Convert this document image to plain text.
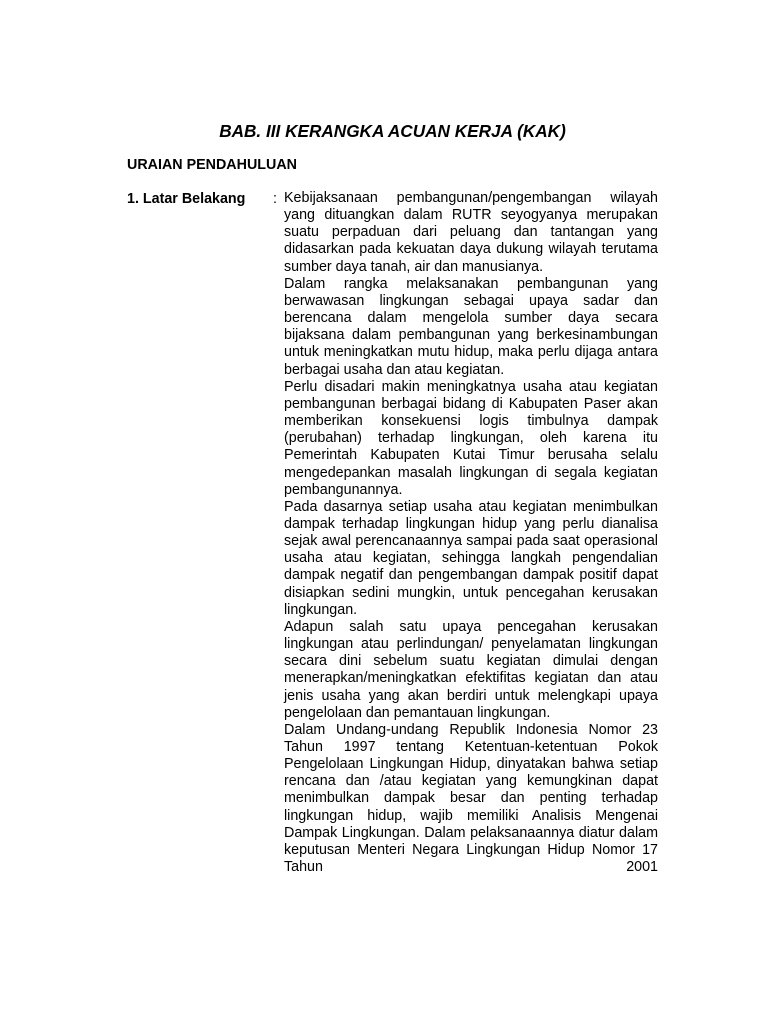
BAB. III KERANGKA ACUAN KERJA (KAK)
URAIAN PENDAHULUAN
1. Latar Belakang : Kebijaksanaan pembangunan/pengembangan wilayah yang dituangkan dalam RUTR seyogyanya merupakan suatu perpaduan dari peluang dan tantangan yang didasarkan pada kekuatan daya dukung wilayah terutama sumber daya tanah, air dan manusianya.

Dalam rangka melaksanakan pembangunan yang berwawasan lingkungan sebagai upaya sadar dan berencana dalam mengelola sumber daya secara bijaksana dalam pembangunan yang berkesinambungan untuk meningkatkan mutu hidup, maka perlu dijaga antara berbagai usaha dan atau kegiatan.

Perlu disadari makin meningkatnya usaha atau kegiatan pembangunan berbagai bidang di Kabupaten Paser akan memberikan konsekuensi logis timbulnya dampak (perubahan) terhadap lingkungan, oleh karena itu Pemerintah Kabupaten Kutai Timur berusaha selalu mengedepankan masalah lingkungan di segala kegiatan pembangunannya.

Pada dasarnya setiap usaha atau kegiatan menimbulkan dampak terhadap lingkungan hidup yang perlu dianalisa sejak awal perencanaannya sampai pada saat operasional usaha atau kegiatan, sehingga langkah pengendalian dampak negatif dan pengembangan dampak positif dapat disiapkan sedini mungkin, untuk pencegahan kerusakan lingkungan.

Adapun salah satu upaya pencegahan kerusakan lingkungan atau perlindungan/ penyelamatan lingkungan secara dini sebelum suatu kegiatan dimulai dengan menerapkan/meningkatkan efektifitas kegiatan dan atau jenis usaha yang akan berdiri untuk melengkapi upaya pengelolaan dan pemantauan lingkungan.

Dalam Undang-undang Republik Indonesia Nomor 23 Tahun 1997 tentang Ketentuan-ketentuan Pokok Pengelolaan Lingkungan Hidup, dinyatakan bahwa setiap rencana dan /atau kegiatan yang kemungkinan dapat menimbulkan dampak besar dan penting terhadap lingkungan hidup, wajib memiliki Analisis Mengenai Dampak Lingkungan. Dalam pelaksanaannya diatur dalam keputusan Menteri Negara Lingkungan Hidup Nomor 17 Tahun 2001
